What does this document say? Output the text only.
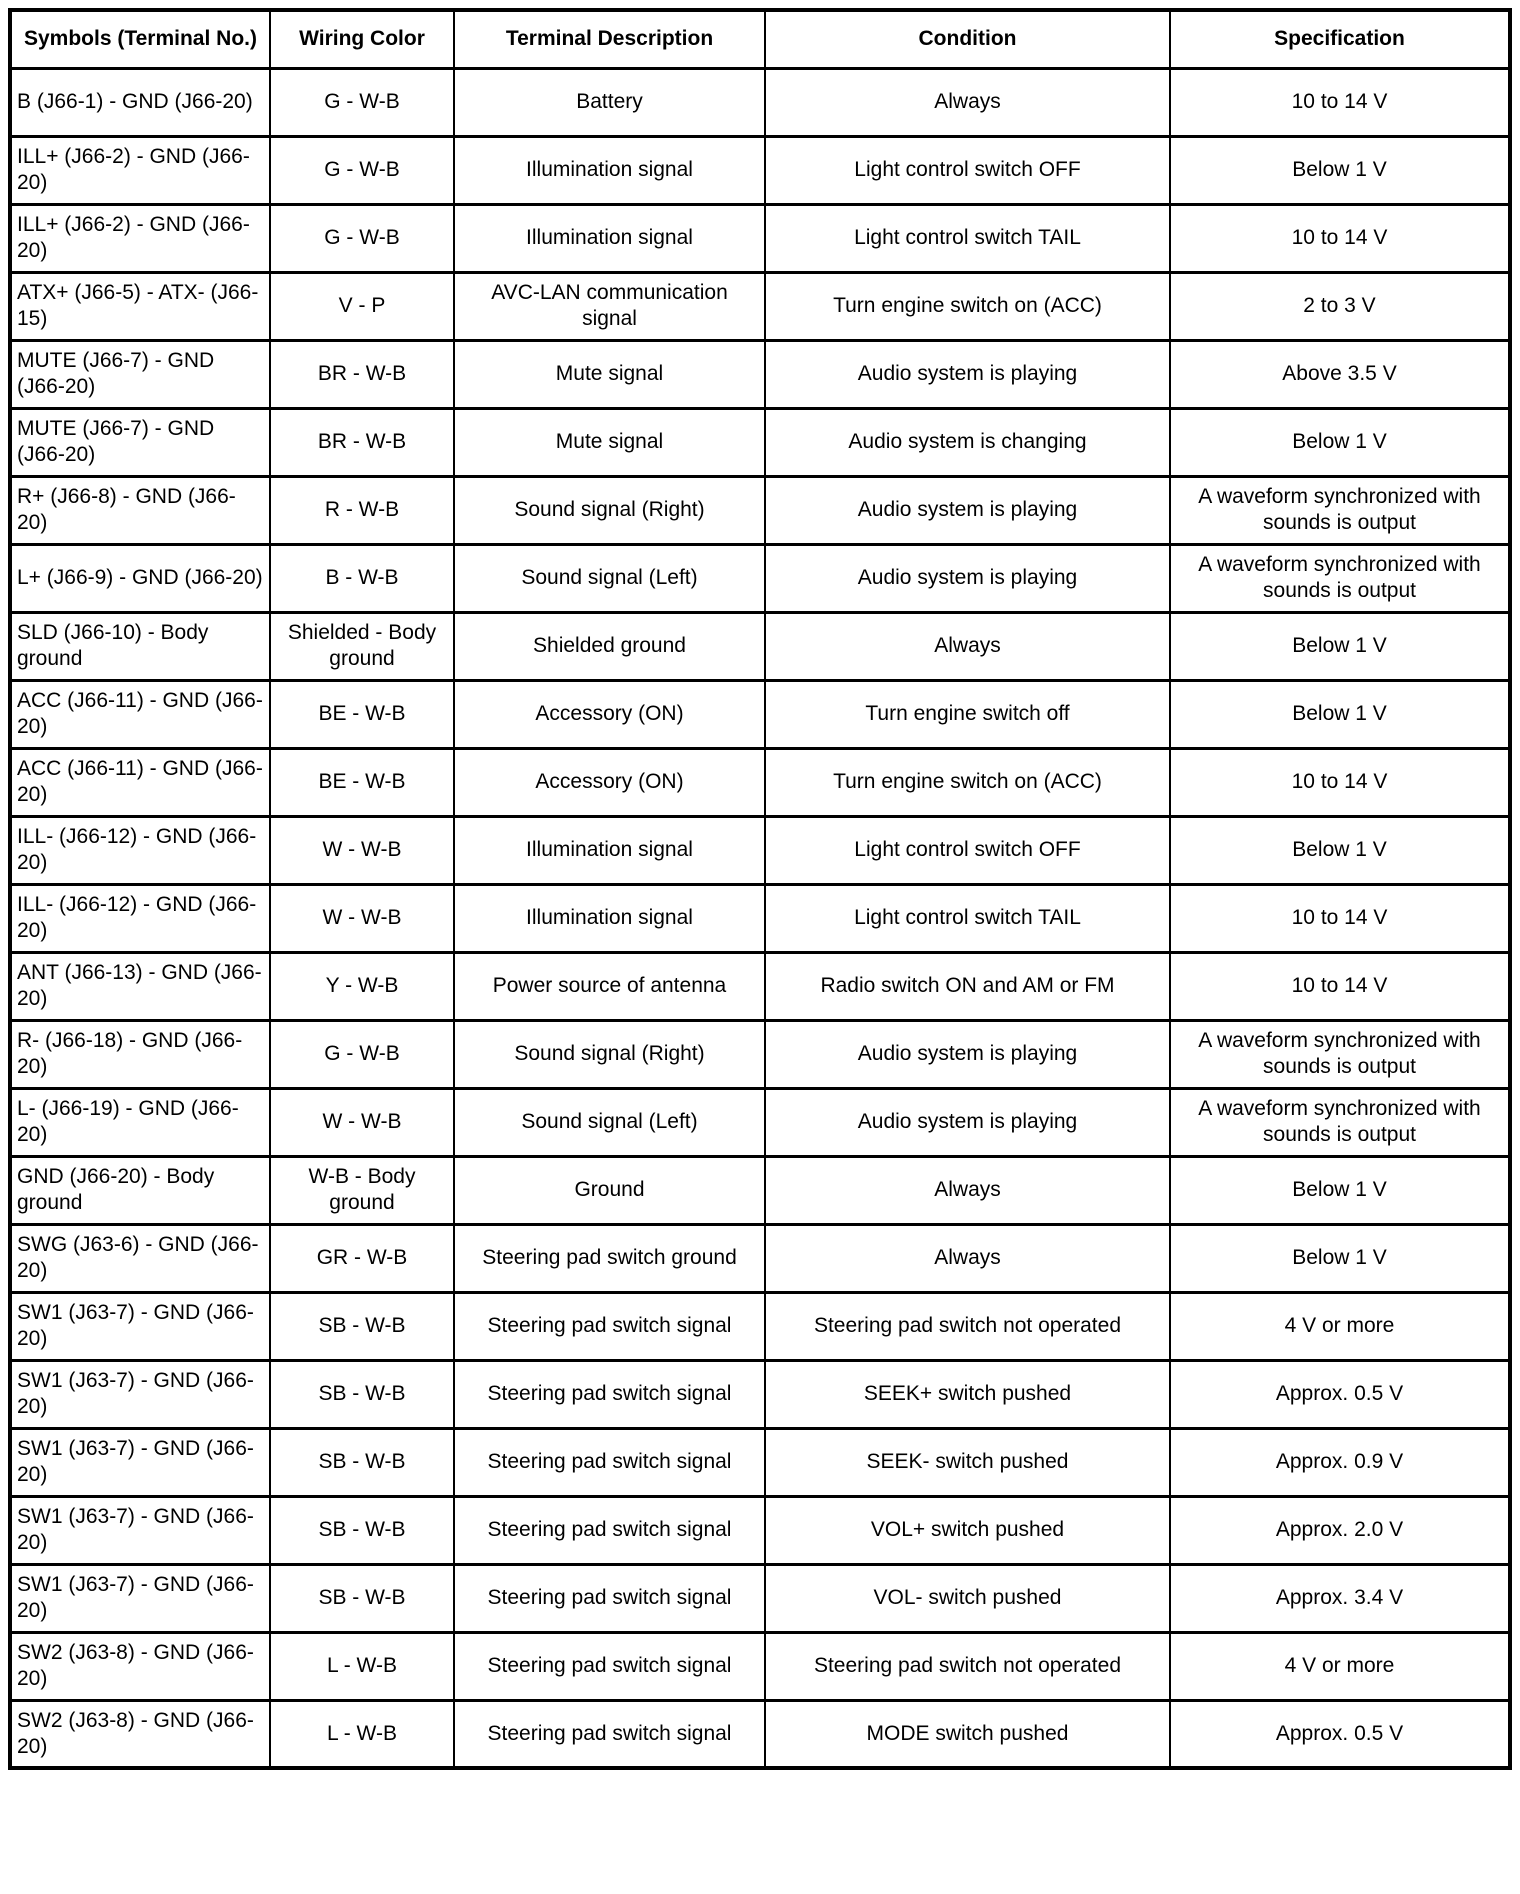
Symbols (Terminal No.)	Wiring Color	Terminal Description	Condition	Specification
B (J66-1) - GND (J66-20)	G - W-B	Battery	Always	10 to 14 V
ILL+ (J66-2) - GND (J66-20)	G - W-B	Illumination signal	Light control switch OFF	Below 1 V
ILL+ (J66-2) - GND (J66-20)	G - W-B	Illumination signal	Light control switch TAIL	10 to 14 V
ATX+ (J66-5) - ATX- (J66-15)	V - P	AVC-LAN communication signal	Turn engine switch on (ACC)	2 to 3 V
MUTE (J66-7) - GND (J66-20)	BR - W-B	Mute signal	Audio system is playing	Above 3.5 V
MUTE (J66-7) - GND (J66-20)	BR - W-B	Mute signal	Audio system is changing	Below 1 V
R+ (J66-8) - GND (J66-20)	R - W-B	Sound signal (Right)	Audio system is playing	A waveform synchronized with sounds is output
L+ (J66-9) - GND (J66-20)	B - W-B	Sound signal (Left)	Audio system is playing	A waveform synchronized with sounds is output
SLD (J66-10) - Body ground	Shielded - Body ground	Shielded ground	Always	Below 1 V
ACC (J66-11) - GND (J66-20)	BE - W-B	Accessory (ON)	Turn engine switch off	Below 1 V
ACC (J66-11) - GND (J66-20)	BE - W-B	Accessory (ON)	Turn engine switch on (ACC)	10 to 14 V
ILL- (J66-12) - GND (J66-20)	W - W-B	Illumination signal	Light control switch OFF	Below 1 V
ILL- (J66-12) - GND (J66-20)	W - W-B	Illumination signal	Light control switch TAIL	10 to 14 V
ANT (J66-13) - GND (J66-20)	Y - W-B	Power source of antenna	Radio switch ON and AM or FM	10 to 14 V
R- (J66-18) - GND (J66-20)	G - W-B	Sound signal (Right)	Audio system is playing	A waveform synchronized with sounds is output
L- (J66-19) - GND (J66-20)	W - W-B	Sound signal (Left)	Audio system is playing	A waveform synchronized with sounds is output
GND (J66-20) - Body ground	W-B - Body ground	Ground	Always	Below 1 V
SWG (J63-6) - GND (J66-20)	GR - W-B	Steering pad switch ground	Always	Below 1 V
SW1 (J63-7) - GND (J66-20)	SB - W-B	Steering pad switch signal	Steering pad switch not operated	4 V or more
SW1 (J63-7) - GND (J66-20)	SB - W-B	Steering pad switch signal	SEEK+ switch pushed	Approx. 0.5 V
SW1 (J63-7) - GND (J66-20)	SB - W-B	Steering pad switch signal	SEEK- switch pushed	Approx. 0.9 V
SW1 (J63-7) - GND (J66-20)	SB - W-B	Steering pad switch signal	VOL+ switch pushed	Approx. 2.0 V
SW1 (J63-7) - GND (J66-20)	SB - W-B	Steering pad switch signal	VOL- switch pushed	Approx. 3.4 V
SW2 (J63-8) - GND (J66-20)	L - W-B	Steering pad switch signal	Steering pad switch not operated	4 V or more
SW2 (J63-8) - GND (J66-20)	L - W-B	Steering pad switch signal	MODE switch pushed	Approx. 0.5 V
